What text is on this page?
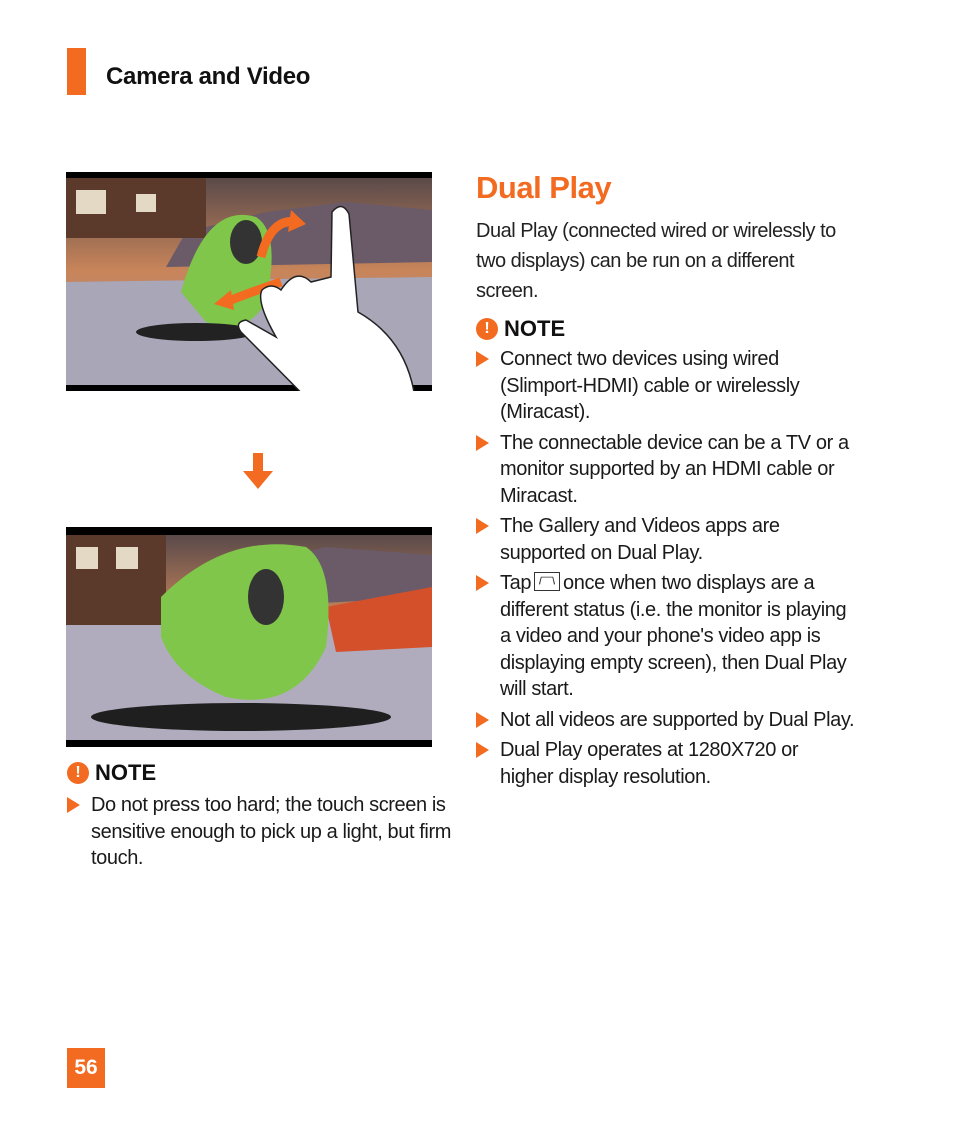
Camera and Video
! NOTE
Do not press too hard; the touch screen is sensitive enough to pick up a light, but firm touch.
Dual Play
Dual Play (connected wired or wirelessly to two displays) can be run on a different screen.
! NOTE
Connect two devices using wired (Slimport-HDMI) cable or wirelessly (Miracast).
The connectable device can be a TV or a monitor supported by an HDMI cable or Miracast.
The Gallery and Videos apps are supported on Dual Play.
Tap once when two displays are a different status (i.e. the monitor is playing a video and your phone's video app is displaying empty screen), then Dual Play will start.
Not all videos are supported by Dual Play.
Dual Play operates at 1280X720 or higher display resolution.
56
